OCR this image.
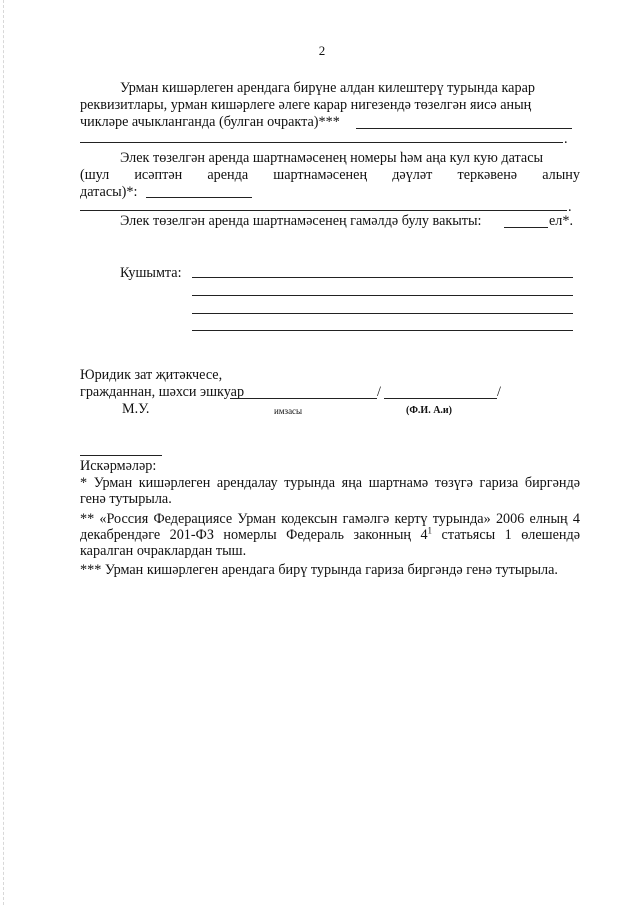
2
Урман кишәрлеген арендага бирүне алдан килештерү турында карар
реквизитлары, урман кишәрлеге әлеге карар нигезендә төзелгән яисә аның
чикләре ачыкланганда (булган очракта)***
.
Элек төзелгән аренда шартнамәсенең номеры һәм аңа кул кую датасы
(шул исәптән аренда шартнамәсенең дәүләт теркәвенә алыну
датасы)*:
.
Элек төзелгән аренда шартнамәсенең гамәлдә булу вакыты:	ел*.
Кушымта:
Юридик зат җитәкчесе,
гражданнан, шәхси эшкуар	/	/
М.У.	имзасы	(Ф.И. А.и)
Искәрмәләр:
* Урман кишәрлеген арендалау турында яңа шартнамә төзүгә гариза биргәндә генә тутырыла.
** «Россия Федерациясе Урман кодексын гамәлгә кертү турында» 2006 елның 4 декабрендәге 201-ФЗ номерлы Федераль законның $4^1$ статьясы 1 өлешендә каралган очраклардан тыш.
*** Урман кишәрлеген арендага бирү турында гариза биргәндә генә тутырыла.
